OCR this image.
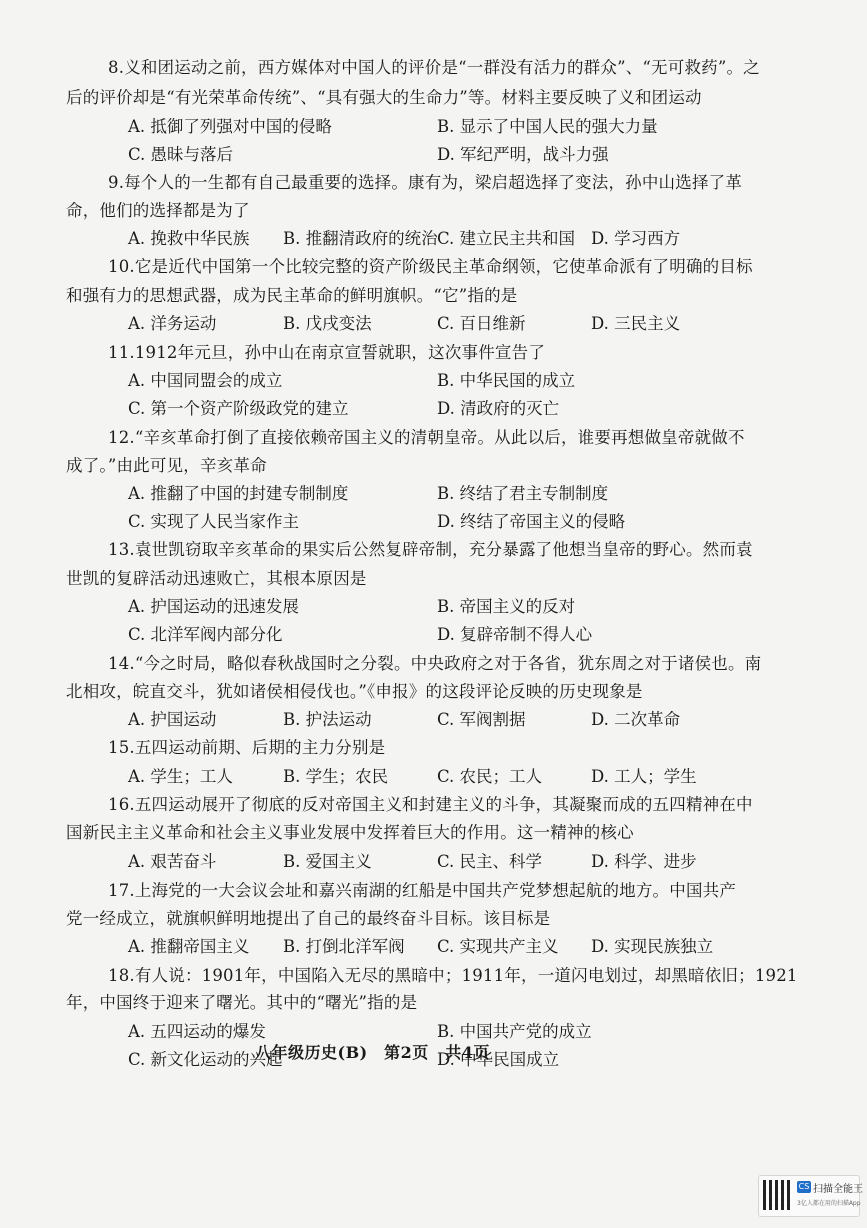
8.义和团运动之前，西方媒体对中国人的评价是“一群没有活力的群众”、“无可救药”。之
后的评价却是“有光荣革命传统”、“具有强大的生命力”等。材料主要反映了义和团运动
A. 抵御了列强对中国的侵略	B. 显示了中国人民的强大力量
C. 愚昧与落后	D. 军纪严明，战斗力强
9.每个人的一生都有自己最重要的选择。康有为，梁启超选择了变法，孙中山选择了革
命，他们的选择都是为了
A. 挽救中华民族 B. 推翻清政府的统治 C. 建立民主共和国 D. 学习西方
10.它是近代中国第一个比较完整的资产阶级民主革命纲领，它使革命派有了明确的目标
和强有力的思想武器，成为民主革命的鲜明旗帜。“它”指的是
A. 洋务运动	B. 戊戌变法	C. 百日维新	D. 三民主义
11.1912年元旦，孙中山在南京宣誓就职，这次事件宣告了
A. 中国同盟会的成立	B. 中华民国的成立
C. 第一个资产阶级政党的建立	D. 清政府的灭亡
12.“辛亥革命打倒了直接依赖帝国主义的清朝皇帝。从此以后，谁要再想做皇帝就做不
成了。”由此可见，辛亥革命
A. 推翻了中国的封建专制制度	B. 终结了君主专制制度
C. 实现了人民当家作主	D. 终结了帝国主义的侵略
13.袁世凯窃取辛亥革命的果实后公然复辟帝制，充分暴露了他想当皇帝的野心。然而袁
世凯的复辟活动迅速败亡，其根本原因是
A. 护国运动的迅速发展	B. 帝国主义的反对
C. 北洋军阀内部分化	D. 复辟帝制不得人心
14.“今之时局，略似春秋战国时之分裂。中央政府之对于各省，犹东周之对于诸侯也。南
北相攻，皖直交斗，犹如诸侯相侵伐也。”《申报》的这段评论反映的历史现象是
A. 护国运动	B. 护法运动	C. 军阀割据	D. 二次革命
15.五四运动前期、后期的主力分别是
A. 学生；工人	B. 学生；农民	C. 农民；工人	D. 工人；学生
16.五四运动展开了彻底的反对帝国主义和封建主义的斗争，其凝聚而成的五四精神在中
国新民主主义革命和社会主义事业发展中发挥着巨大的作用。这一精神的核心
A. 艰苦奋斗	B. 爱国主义	C. 民主、科学	D. 科学、进步
17.上海党的一大会议会址和嘉兴南湖的红船是中国共产党梦想起航的地方。中国共产
党一经成立，就旗帜鲜明地提出了自己的最终奋斗目标。该目标是
A. 推翻帝国主义 B. 打倒北洋军阀 C. 实现共产主义 D. 实现民族独立
18.有人说：1901年，中国陷入无尽的黑暗中；1911年，一道闪电划过，却黑暗依旧；1921
年，中国终于迎来了曙光。其中的“曙光”指的是
A. 五四运动的爆发	B. 中国共产党的成立
C. 新文化运动的兴起	D. 中华民国成立
八年级历史(B)　第2页　共4页
CS 扫描全能王
3亿人都在用的扫描App
